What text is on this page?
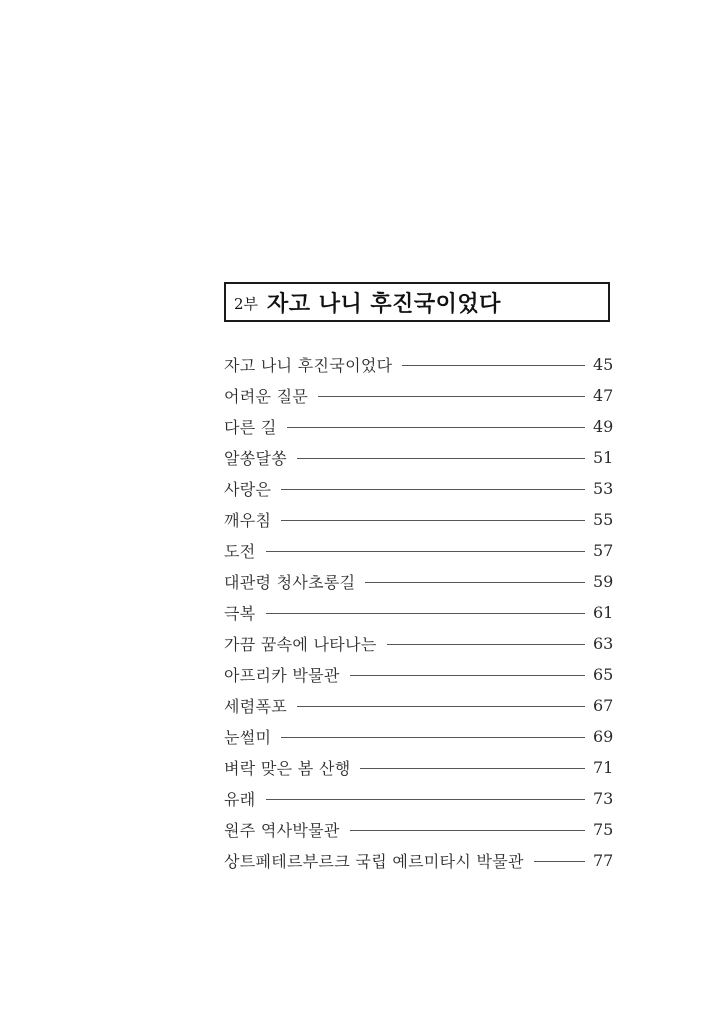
2부 자고 나니 후진국이었다
자고 나니 후진국이었다	45
어려운 질문	47
다른 길	49
알쏭달쏭	51
사랑은	53
깨우침	55
도전	57
대관령 청사초롱길	59
극복	61
가끔 꿈속에 나타나는	63
아프리카 박물관	65
세렴폭포	67
눈썰미	69
벼락 맞은 봄 산행	71
유래	73
원주 역사박물관	75
상트페테르부르크 국립 예르미타시 박물관	77
